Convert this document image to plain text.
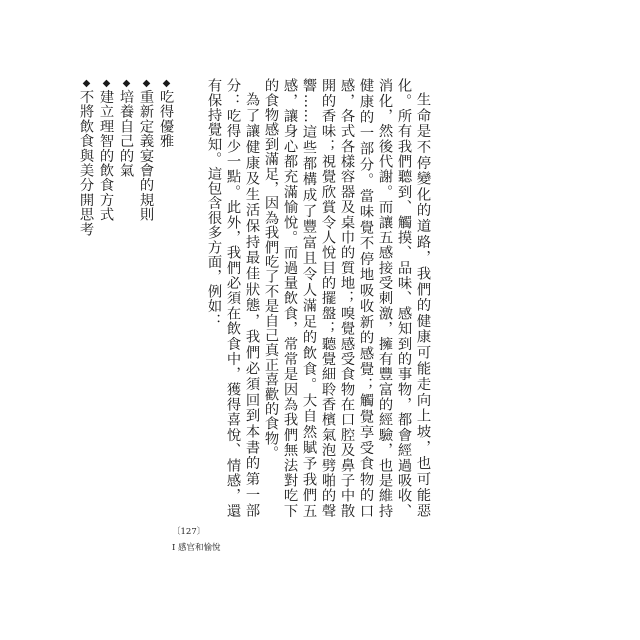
生命是不停變化的道路，我們的健康可能走向上坡，也可能惡化。所有我們聽到、觸摸、品味、感知到的事物，都會經過吸收、消化，然後代謝。而讓五感接受刺激，擁有豐富的經驗，也是維持健康的一部分。當味覺不停地吸收新的感覺；觸覺享受食物的口感，各式各樣容器及桌巾的質地；嗅覺感受食物在口腔及鼻子中散開的香味；視覺欣賞令人悅目的擺盤；聽覺細聆香檳氣泡劈啪的聲響……這些都構成了豐富且令人滿足的飲食。大自然賦予我們五感，讓身心都充滿愉悅。而過量飲食，常常是因為我們無法對吃下的食物感到滿足，因為我們吃了不是自己真正喜歡的食物。

為了讓健康及生活保持最佳狀態，我們必須回到本書的第一部分：吃得少一點。此外，我們必須在飲食中，獲得喜悅、情感，還有保持覺知。這包含很多方面，例如：

◆吃得優雅
◆重新定義宴會的規則
◆培養自己的氣
◆建立理智的飲食方式
◆不將飲食與美分開思考
〔127〕
I 感官和愉悅
